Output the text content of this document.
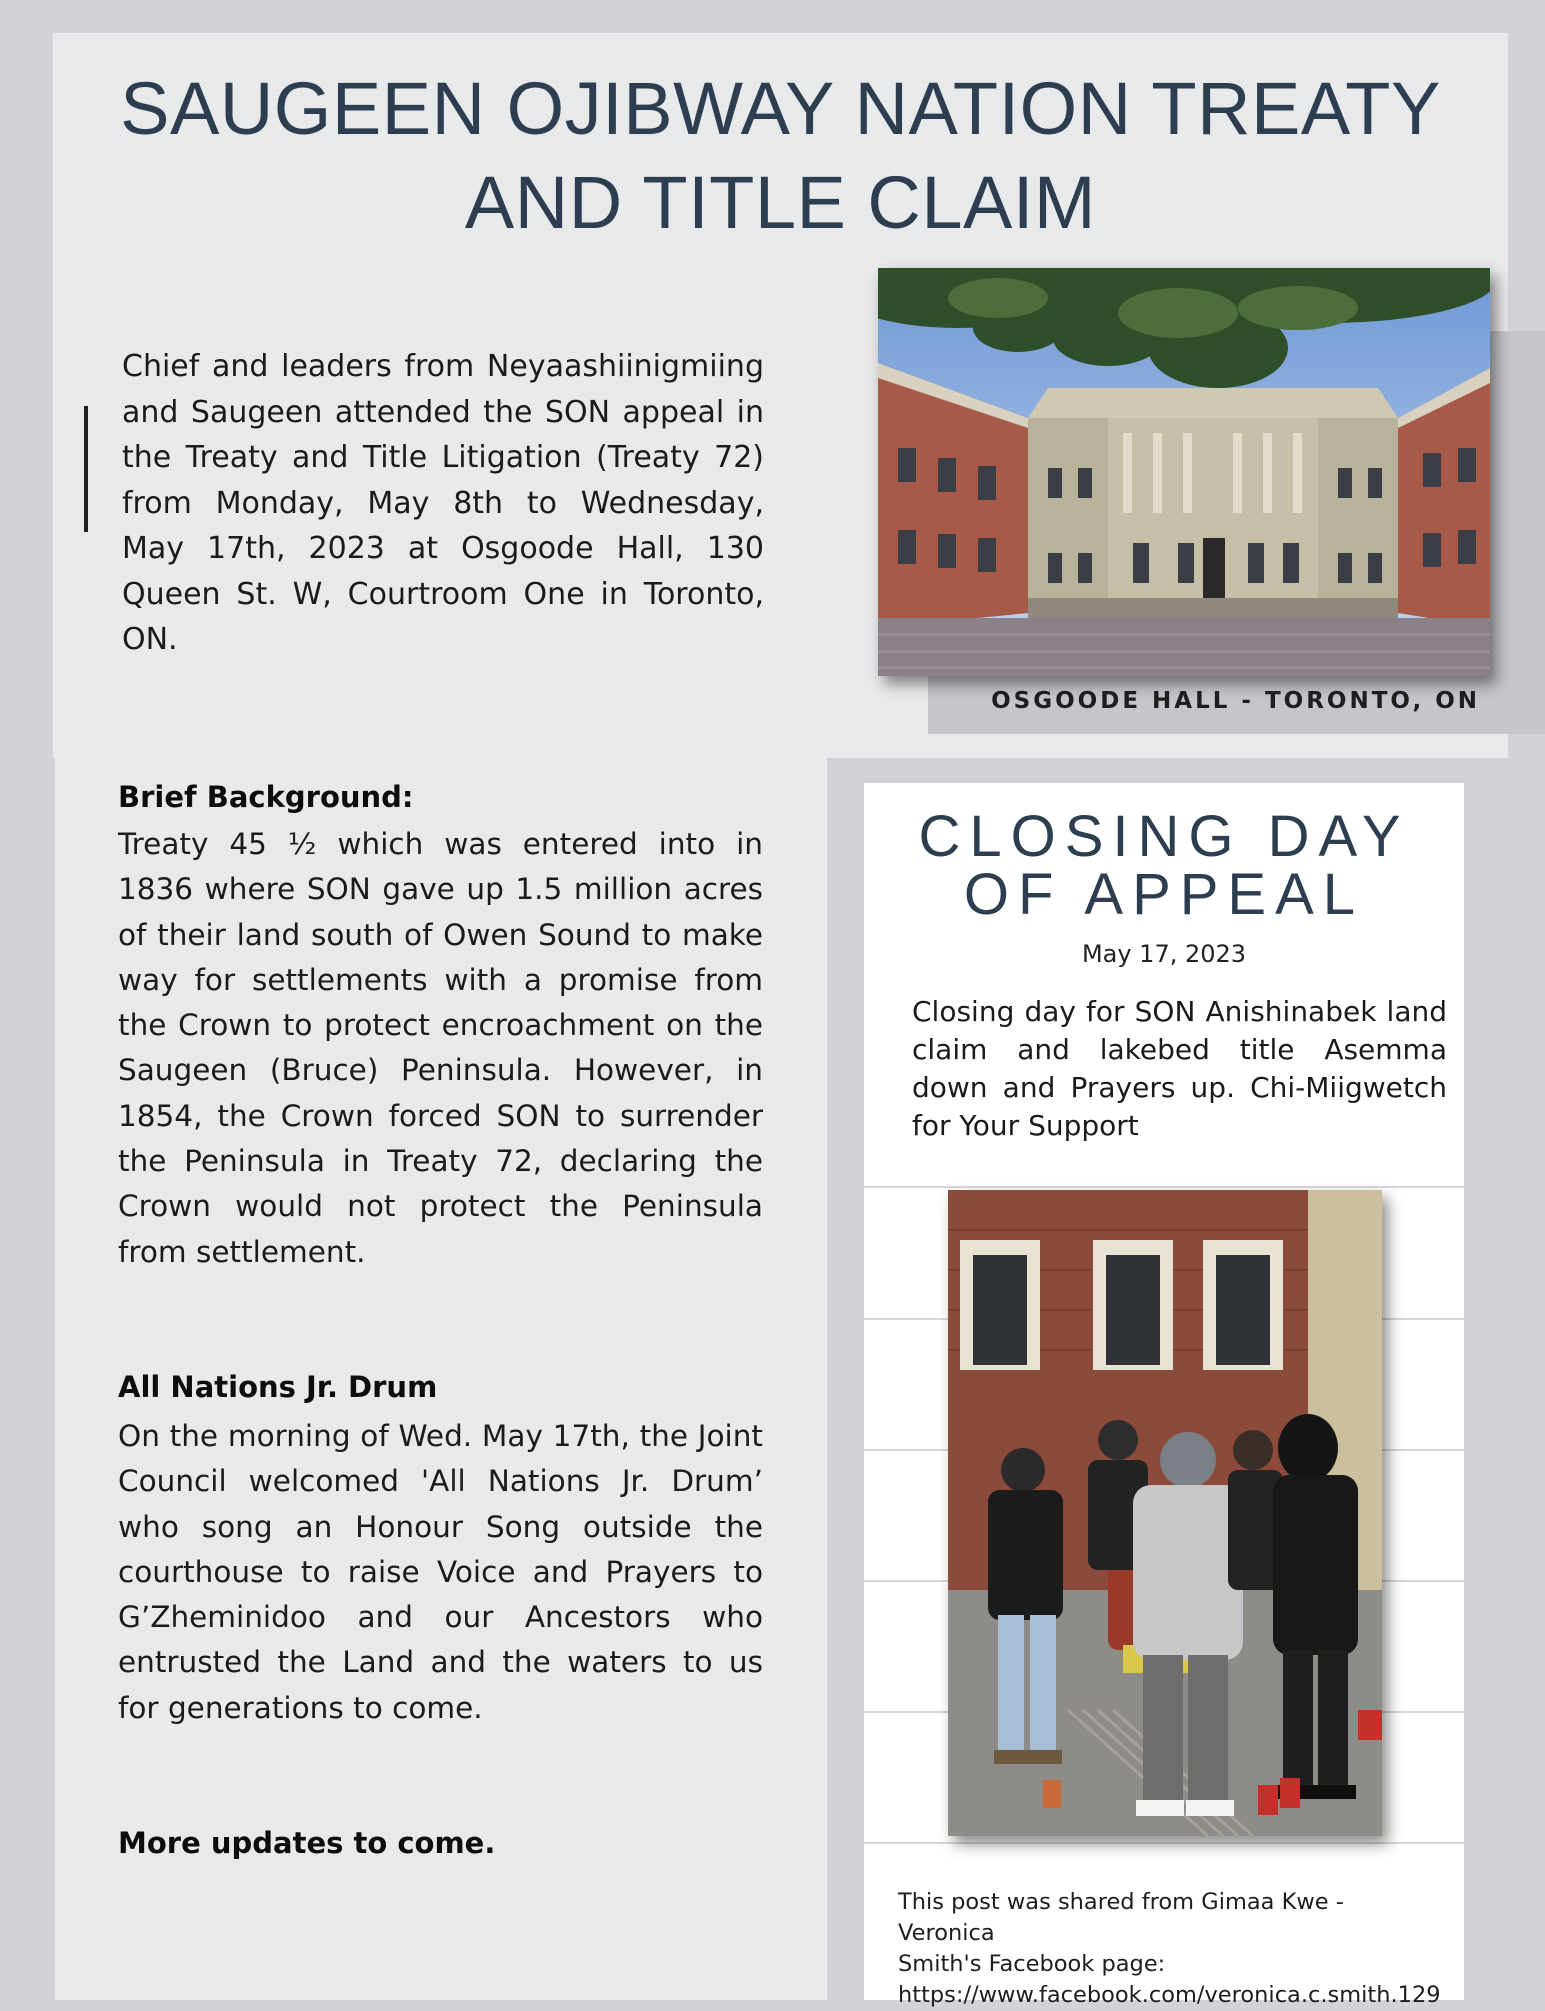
SAUGEEN OJIBWAY NATION TREATY
AND TITLE CLAIM

Chief and leaders from Neyaashiinigmiing and Saugeen attended the SON appeal in the Treaty and Title Litigation (Treaty 72) from Monday, May 8th to Wednesday, May 17th, 2023 at Osgoode Hall, 130 Queen St. W, Courtroom One in Toronto, ON.

OSGOODE HALL - TORONTO, ON
Brief Background:

Treaty 45 ½ which was entered into in 1836 where SON gave up 1.5 million acres of their land south of Owen Sound to make way for settlements with a promise from the Crown to protect encroachment on the Saugeen (Bruce) Peninsula. However, in 1854, the Crown forced SON to surrender the Peninsula in Treaty 72, declaring the Crown would not protect the Peninsula from settlement.

All Nations Jr. Drum

On the morning of Wed. May 17th, the Joint Council welcomed 'All Nations Jr. Drum’ who song an Honour Song outside the courthouse to raise Voice and Prayers to G’Zheminidoo and our Ancestors who entrusted the Land and the waters to us for generations to come.

More updates to come.
CLOSING DAY
OF APPEAL
May 17, 2023

Closing day for SON Anishinabek land claim and lakebed title Asemma down and Prayers up. Chi-Miigwetch for Your Support

This post was shared from Gimaa Kwe - Veronica
Smith's Facebook page:
https://www.facebook.com/veronica.c.smith.129
